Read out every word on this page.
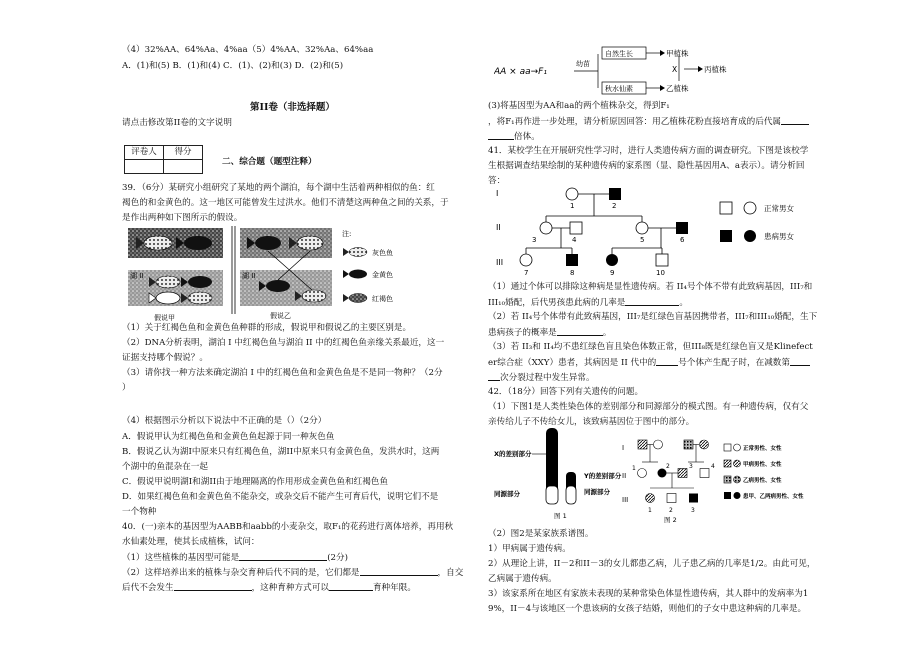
（4）32%AA、64%Aa、4%aa（5）4%AA、32%Aa、64%aa
A．(1)和(5) B．(1)和(4) C．(1)、(2)和(3) D．(2)和(5)
第II卷（非选择题）
请点击修改第II卷的文字说明
评卷人	得分

二、综合题（题型注释）
39．（6分）某研究小组研究了某地的两个湖泊，每个湖中生活着两种相似的鱼：红
褐色的和金黄色的。这一地区可能曾发生过洪水。他们不清楚这两种鱼之间的关系，于
是作出两种如下图所示的假设。
湖 II
假说甲
湖 II
假说乙
注:
灰色鱼
金黄色
红褐色
（1）关于红褐色鱼和金黄色鱼种群的形成，假说甲和假说乙的主要区别是。
（2）DNA分析表明，湖泊 I 中红褐色鱼与湖泊 II 中的红褐色鱼亲缘关系最近，这一
证据支持哪个假说？。
（3）请你找一种方法来确定湖泊 I 中的红褐色鱼和金黄色鱼是不是同一物种？（2分
）
（4）根据图示分析以下说法中不正确的是（）（2分）
A．假说甲认为红褐色鱼和金黄色鱼起源于同一种灰色鱼
B．假说乙认为湖I中原来只有红褐色鱼，湖II中原来只有金黄色鱼，发洪水时，这两
个湖中的鱼混杂在一起
C．假说甲说明湖I和湖II由于地理隔离的作用形成金黄色鱼和红褐色鱼
D．如果红褐色鱼和金黄色鱼不能杂交，或杂交后不能产生可育后代，说明它们不是
一个物种
40．(一)亲本的基因型为AABB和aabb的小麦杂交，取F₁的花药进行离体培养，再用秋
水仙素处理，使其长成植株，试问：
（1）这些植株的基因型可能是	(2分)
（2）这样培养出来的植株与杂交育种后代不同的是，它们都是	，自交
后代不会发生	，这种育种方式可以	育种年限。
AA × aa→F₁
幼苗
自然生长	甲植株
秋水仙素	乙植株
X	丙植株
(3)将基因型为AA和aa的两个植株杂交，得到F₁
，将F₁再作进一步处理，请分析原因回答：用乙植株花粉直接培育成的后代属
倍体。
41．某校学生在开展研究性学习时，进行人类遗传病方面的调查研究。下图是该校学
生根据调查结果绘制的某种遗传病的家系图（显、隐性基因用A、a表示）。请分析回
答：
I
II
III
1	2
3	4	5	6
7	8	9	10
正常男女
患病男女
（1）通过个体可以排除这种病是显性遗传病。若 II₄号个体不带有此致病基因，III₇和
III₁₀婚配，后代男孩患此病的几率是	。
（2）若 II₄号个体带有此致病基因，III₇是红绿色盲基因携带者，III₇和III₁₀婚配，生下
患病孩子的概率是	。
（3）若 II₃和 II₄均不患红绿色盲且染色体数正常，但III₈既是红绿色盲又是Klinefect
er综合症（XXY）患者，其病因是 II 代中的	号个体产生配子时，在减数第
次分裂过程中发生异常。
42．（18分）回答下列有关遗传的问题。
（1）下图1是人类性染色体的差别部分和同源部分的模式图。有一种遗传病，仅有父
亲传给儿子不传给女儿，该致病基因位于图中的部分。
X的差别部分
Y的差别部分
同源部分
同源部分
图 1
I
II
III
1	2	3	4
1	2	3
图 2
正常男性、女性
甲病男性、女性
乙病男性、女性
患甲、乙两病男性、女性
（2）图2是某家族系谱图。
1）甲病属于遗传病。
2）从理论上讲，II－2和II－3的女儿都患乙病，儿子患乙病的几率是1/2。由此可见，
乙病属于遗传病。
3）该家系所在地区有家族未表现的某种常染色体显性遗传病，其人群中的发病率为1
9%，II－4与该地区一个患该病的女孩子结婚，则他们的子女中患这种病的几率是。
